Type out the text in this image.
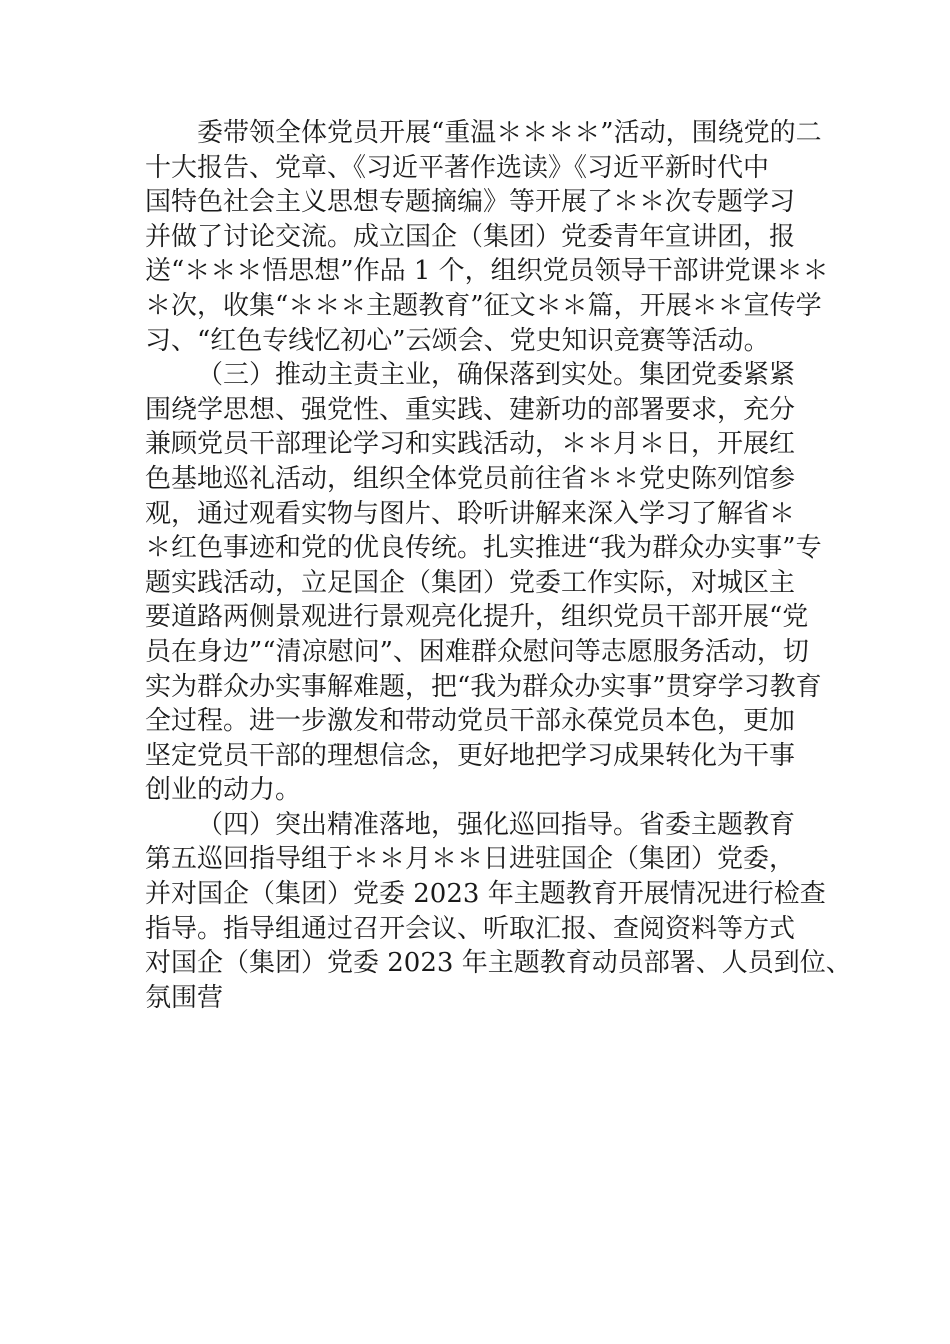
委带领全体党员开展“重温＊＊＊＊”活动，围绕党的二
十大报告、党章、《习近平著作选读》《习近平新时代中
国特色社会主义思想专题摘编》等开展了＊＊次专题学习
并做了讨论交流。成立国企（集团）党委青年宣讲团，报
送“＊＊＊悟思想”作品 1 个，组织党员领导干部讲党课＊＊
＊次，收集“＊＊＊主题教育”征文＊＊篇，开展＊＊宣传学
习、“红色专线忆初心”云颂会、党史知识竞赛等活动。
（三）推动主责主业，确保落到实处。集团党委紧紧
围绕学思想、强党性、重实践、建新功的部署要求，充分
兼顾党员干部理论学习和实践活动，＊＊月＊日，开展红
色基地巡礼活动，组织全体党员前往省＊＊党史陈列馆参
观，通过观看实物与图片、聆听讲解来深入学习了解省＊
＊红色事迹和党的优良传统。扎实推进“我为群众办实事”专
题实践活动，立足国企（集团）党委工作实际，对城区主
要道路两侧景观进行景观亮化提升，组织党员干部开展“党
员在身边”“清凉慰问”、困难群众慰问等志愿服务活动，切
实为群众办实事解难题，把“我为群众办实事”贯穿学习教育
全过程。进一步激发和带动党员干部永葆党员本色，更加
坚定党员干部的理想信念，更好地把学习成果转化为干事
创业的动力。
（四）突出精准落地，强化巡回指导。省委主题教育
第五巡回指导组于＊＊月＊＊日进驻国企（集团）党委，
并对国企（集团）党委 2023 年主题教育开展情况进行检查
指导。指导组通过召开会议、听取汇报、查阅资料等方式
对国企（集团）党委 2023 年主题教育动员部署、人员到位、
氛围营
